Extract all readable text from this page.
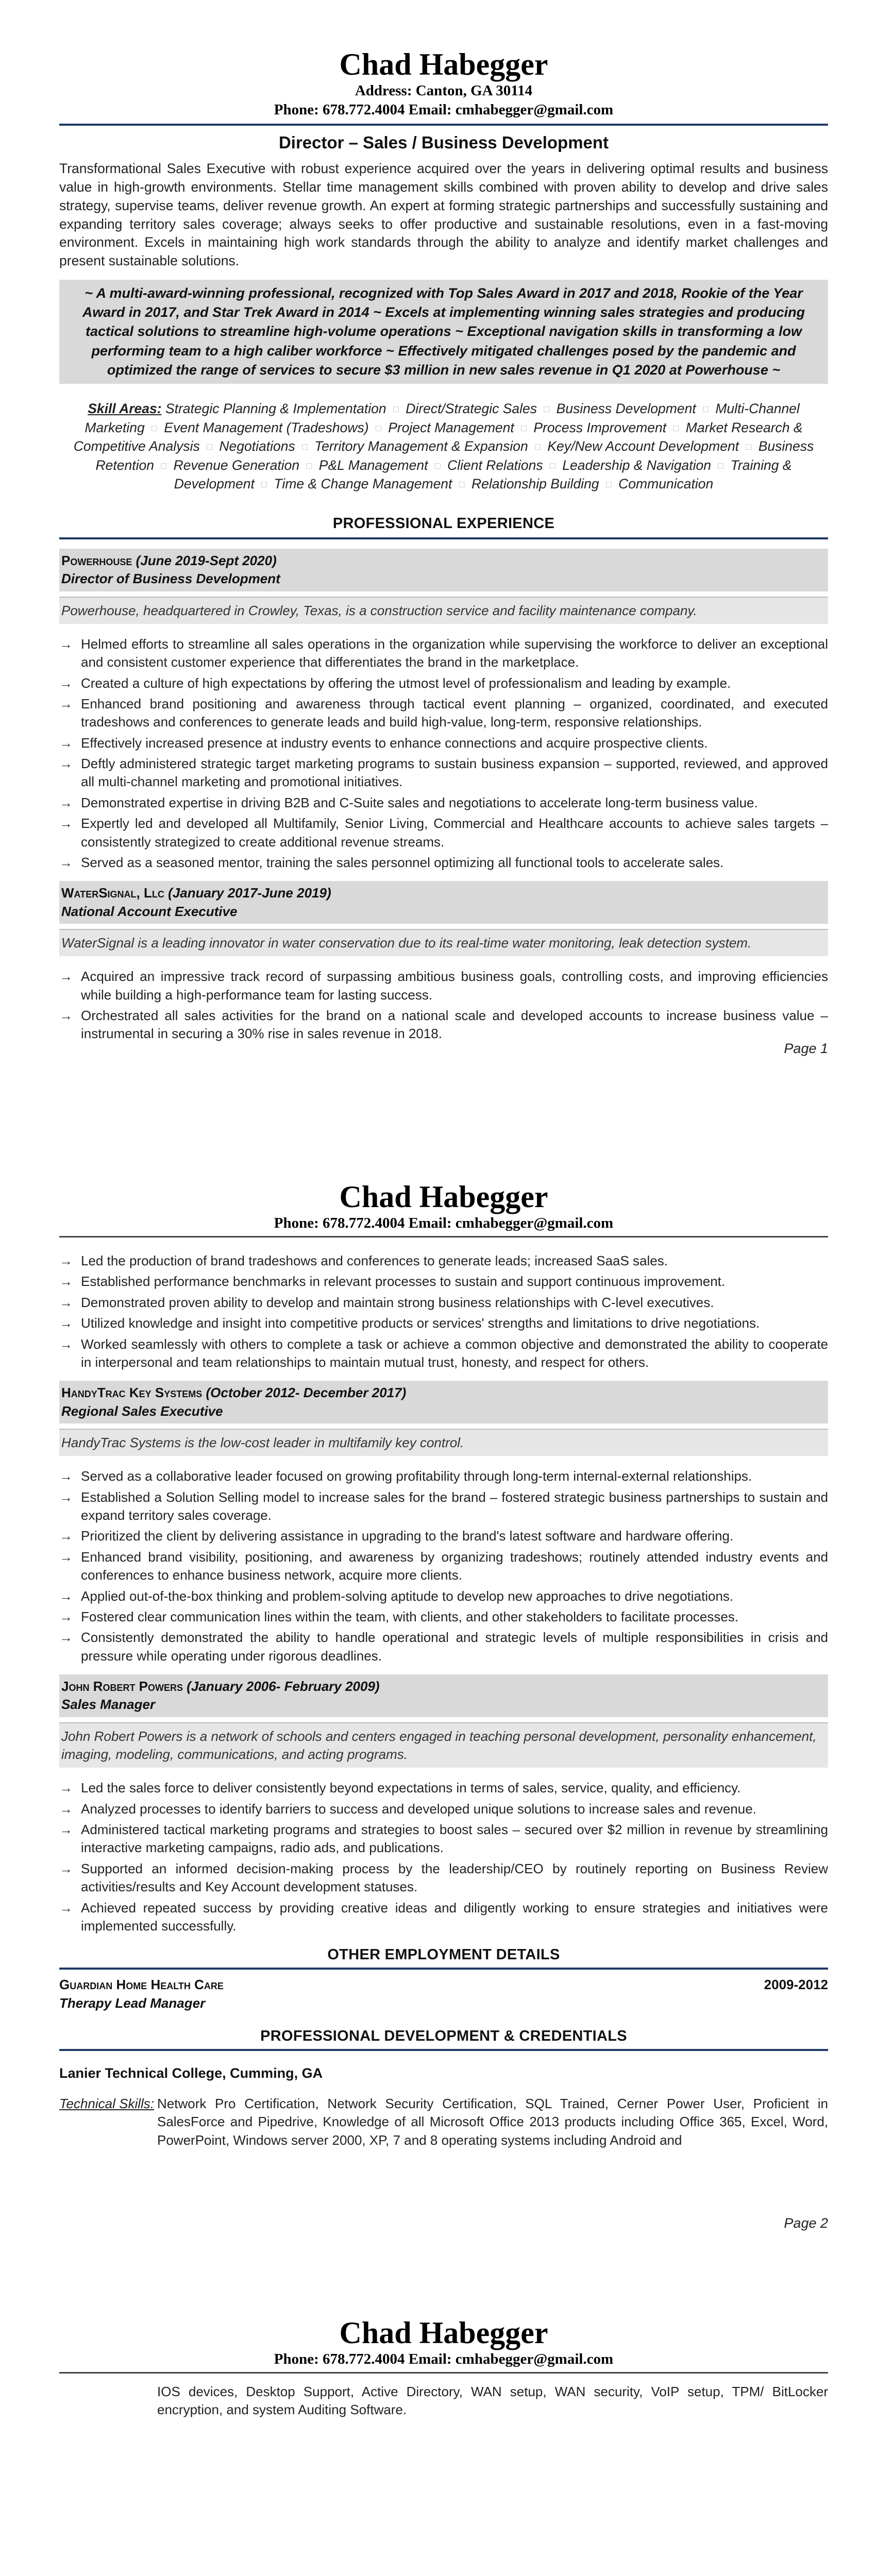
Chad Habegger
Address: Canton, GA 30114
Phone: 678.772.4004 Email: cmhabegger@gmail.com
Director – Sales / Business Development

Transformational Sales Executive with robust experience acquired over the years in delivering optimal results and business value in high-growth environments. Stellar time management skills combined with proven ability to develop and drive sales strategy, supervise teams, deliver revenue growth. An expert at forming strategic partnerships and successfully sustaining and expanding territory sales coverage; always seeks to offer productive and sustainable resolutions, even in a fast-moving environment. Excels in maintaining high work standards through the ability to analyze and identify market challenges and present sustainable solutions.

~ A multi-award-winning professional, recognized with Top Sales Award in 2017 and 2018, Rookie of the Year Award in 2017, and Star Trek Award in 2014 ~ Excels at implementing winning sales strategies and producing tactical solutions to streamline high-volume operations ~ Exceptional navigation skills in transforming a low performing team to a high caliber workforce ~ Effectively mitigated challenges posed by the pandemic and optimized the range of services to secure $3 million in new sales revenue in Q1 2020 at Powerhouse ~
Skill Areas: Strategic Planning & Implementation □ Direct/Strategic Sales □ Business Development □ Multi-Channel Marketing □ Event Management (Tradeshows) □ Project Management □ Process Improvement □ Market Research & Competitive Analysis □ Negotiations □ Territory Management & Expansion □ Key/New Account Development □ Business Retention □ Revenue Generation □ P&L Management □ Client Relations □ Leadership & Navigation □ Training & Development □ Time & Change Management □ Relationship Building □ Communication
PROFESSIONAL EXPERIENCE
Powerhouse (June 2019-Sept 2020)
Director of Business Development
Powerhouse, headquartered in Crowley, Texas, is a construction service and facility maintenance company.
→ Helmed efforts to streamline all sales operations in the organization while supervising the workforce to deliver an exceptional and consistent customer experience that differentiates the brand in the marketplace.
→ Created a culture of high expectations by offering the utmost level of professionalism and leading by example.
→ Enhanced brand positioning and awareness through tactical event planning – organized, coordinated, and executed tradeshows and conferences to generate leads and build high-value, long-term, responsive relationships.
→ Effectively increased presence at industry events to enhance connections and acquire prospective clients.
→ Deftly administered strategic target marketing programs to sustain business expansion – supported, reviewed, and approved all multi-channel marketing and promotional initiatives.
→ Demonstrated expertise in driving B2B and C-Suite sales and negotiations to accelerate long-term business value.
→ Expertly led and developed all Multifamily, Senior Living, Commercial and Healthcare accounts to achieve sales targets – consistently strategized to create additional revenue streams.
→ Served as a seasoned mentor, training the sales personnel optimizing all functional tools to accelerate sales.
WaterSignal, Llc (January 2017-June 2019)
National Account Executive
WaterSignal is a leading innovator in water conservation due to its real-time water monitoring, leak detection system.
→ Acquired an impressive track record of surpassing ambitious business goals, controlling costs, and improving efficiencies while building a high-performance team for lasting success.
→ Orchestrated all sales activities for the brand on a national scale and developed accounts to increase business value – instrumental in securing a 30% rise in sales revenue in 2018.
Page 1
Chad Habegger
Phone: 678.772.4004 Email: cmhabegger@gmail.com
→ Led the production of brand tradeshows and conferences to generate leads; increased SaaS sales.
→ Established performance benchmarks in relevant processes to sustain and support continuous improvement.
→ Demonstrated proven ability to develop and maintain strong business relationships with C-level executives.
→ Utilized knowledge and insight into competitive products or services' strengths and limitations to drive negotiations.
→ Worked seamlessly with others to complete a task or achieve a common objective and demonstrated the ability to cooperate in interpersonal and team relationships to maintain mutual trust, honesty, and respect for others.
HandyTrac Key Systems (October 2012- December 2017)
Regional Sales Executive
HandyTrac Systems is the low-cost leader in multifamily key control.
→ Served as a collaborative leader focused on growing profitability through long-term internal-external relationships.
→ Established a Solution Selling model to increase sales for the brand – fostered strategic business partnerships to sustain and expand territory sales coverage.
→ Prioritized the client by delivering assistance in upgrading to the brand's latest software and hardware offering.
→ Enhanced brand visibility, positioning, and awareness by organizing tradeshows; routinely attended industry events and conferences to enhance business network, acquire more clients.
→ Applied out-of-the-box thinking and problem-solving aptitude to develop new approaches to drive negotiations.
→ Fostered clear communication lines within the team, with clients, and other stakeholders to facilitate processes.
→ Consistently demonstrated the ability to handle operational and strategic levels of multiple responsibilities in crisis and pressure while operating under rigorous deadlines.
John Robert Powers (January 2006- February 2009)
Sales Manager
John Robert Powers is a network of schools and centers engaged in teaching personal development, personality enhancement, imaging, modeling, communications, and acting programs.
→ Led the sales force to deliver consistently beyond expectations in terms of sales, service, quality, and efficiency.
→ Analyzed processes to identify barriers to success and developed unique solutions to increase sales and revenue.
→ Administered tactical marketing programs and strategies to boost sales – secured over $2 million in revenue by streamlining interactive marketing campaigns, radio ads, and publications.
→ Supported an informed decision-making process by the leadership/CEO by routinely reporting on Business Review activities/results and Key Account development statuses.
→ Achieved repeated success by providing creative ideas and diligently working to ensure strategies and initiatives were implemented successfully.
OTHER EMPLOYMENT DETAILS
Guardian Home Health Care	2009-2012
Therapy Lead Manager
PROFESSIONAL DEVELOPMENT & CREDENTIALS
Lanier Technical College, Cumming, GA
Technical Skills: Network Pro Certification, Network Security Certification, SQL Trained, Cerner Power User, Proficient in SalesForce and Pipedrive, Knowledge of all Microsoft Office 2013 products including Office 365, Excel, Word, PowerPoint, Windows server 2000, XP, 7 and 8 operating systems including Android and
Page 2
Chad Habegger
Phone: 678.772.4004 Email: cmhabegger@gmail.com
IOS devices, Desktop Support, Active Directory, WAN setup, WAN security, VoIP setup, TPM/ BitLocker encryption, and system Auditing Software.
